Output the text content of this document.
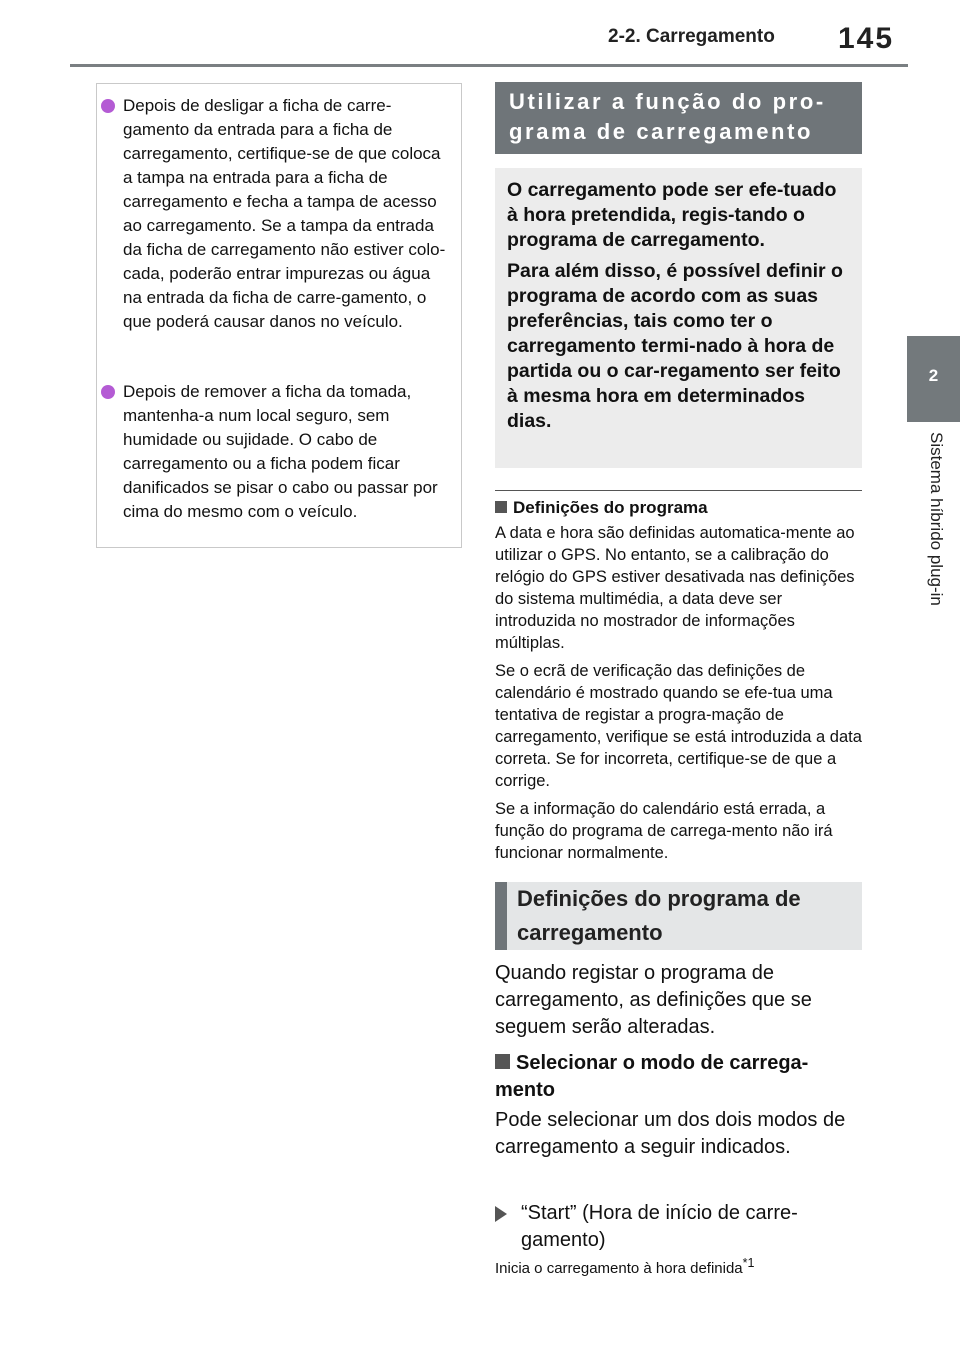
2-2. Carregamento 145
2
Sistema híbrido plug-in
Depois de desligar a ficha de carre-gamento da entrada para a ficha de carregamento, certifique-se de que coloca a tampa na entrada para a ficha de carregamento e fecha a tampa de acesso ao carregamento. Se a tampa da entrada da ficha de carregamento não estiver colo-cada, poderão entrar impurezas ou água na entrada da ficha de carre-gamento, o que poderá causar danos no veículo.
Depois de remover a ficha da tomada, mantenha-a num local seguro, sem humidade ou sujidade. O cabo de carregamento ou a ficha podem ficar danificados se pisar o cabo ou passar por cima do mesmo com o veículo.
Utilizar a função do pro-
grama de carregamento

O carregamento pode ser efe-tuado à hora pretendida, regis-tando o programa de carregamento.

Para além disso, é possível definir o programa de acordo com as suas preferências, tais como ter o carregamento termi-nado à hora de partida ou o car-regamento ser feito à mesma hora em determinados dias.

Definições do programa

A data e hora são definidas automatica-mente ao utilizar o GPS. No entanto, se a calibração do relógio do GPS estiver desativada nas definições do sistema multimédia, a data deve ser introduzida no mostrador de informações múltiplas.

Se o ecrã de verificação das definições de calendário é mostrado quando se efe-tua uma tentativa de registar a progra-mação de carregamento, verifique se está introduzida a data correta. Se for incorreta, certifique-se de que a corrige.

Se a informação do calendário está errada, a função do programa de carrega-mento não irá funcionar normalmente.

Definições do programa de
carregamento
Quando registar o programa de carregamento, as definições que se seguem serão alteradas.
Selecionar o modo de carrega-mento
Pode selecionar um dos dois modos de carregamento a seguir indicados.
“Start” (Hora de início de carre-gamento)
Inicia o carregamento à hora definida$^{*1}$
